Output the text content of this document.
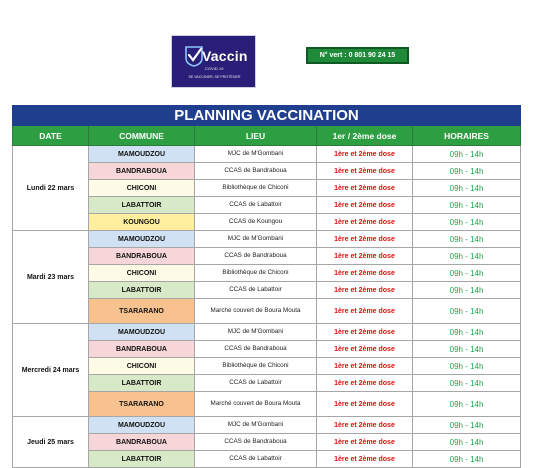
Vaccin
COVID-19
SE VACCINER, SE PROTÉGER
N° vert : 0 801 90 24 15
PLANNING VACCINATION				
DATE	COMMUNE	LIEU	1er / 2ème dose	HORAIRES
Lundi 22 mars	MAMOUDZOU	MJC de M'Gombani	1ère et 2ème dose	09h - 14h
	BANDRABOUA	CCAS de Bandraboua	1ère et 2ème dose	09h - 14h
	CHICONI	Bibliothèque de Chiconi	1ère et 2ème dose	09h - 14h
	LABATTOIR	CCAS de Labattoir	1ère et 2ème dose	09h - 14h
	KOUNGOU	CCAS de Koungou	1ère et 2ème dose	09h - 14h
Mardi 23 mars	MAMOUDZOU	MJC de M'Gombani	1ère et 2ème dose	09h - 14h
	BANDRABOUA	CCAS de Bandraboua	1ère et 2ème dose	09h - 14h
	CHICONI	Bibliothèque de Chiconi	1ère et 2ème dose	09h - 14h
	LABATTOIR	CCAS de Labattoir	1ère et 2ème dose	09h - 14h
	TSARARANO	Marché couvert de Boura Mouta	1ère et 2ème dose	09h - 14h
Mercredi 24 mars	MAMOUDZOU	MJC de M'Gombani	1ère et 2ème dose	09h - 14h
	BANDRABOUA	CCAS de Bandraboua	1ère et 2ème dose	09h - 14h
	CHICONI	Bibliothèque de Chiconi	1ère et 2ème dose	09h - 14h
	LABATTOIR	CCAS de Labattoir	1ère et 2ème dose	09h - 14h
	TSARARANO	Marché couvert de Boura Mouta	1ère et 2ème dose	09h - 14h
Jeudi 25 mars	MAMOUDZOU	MJC de M'Gombani	1ère et 2ème dose	09h - 14h
	BANDRABOUA	CCAS de Bandraboua	1ère et 2ème dose	09h - 14h
	LABATTOIR	CCAS de Labattoir	1ère et 2ème dose	09h - 14h
